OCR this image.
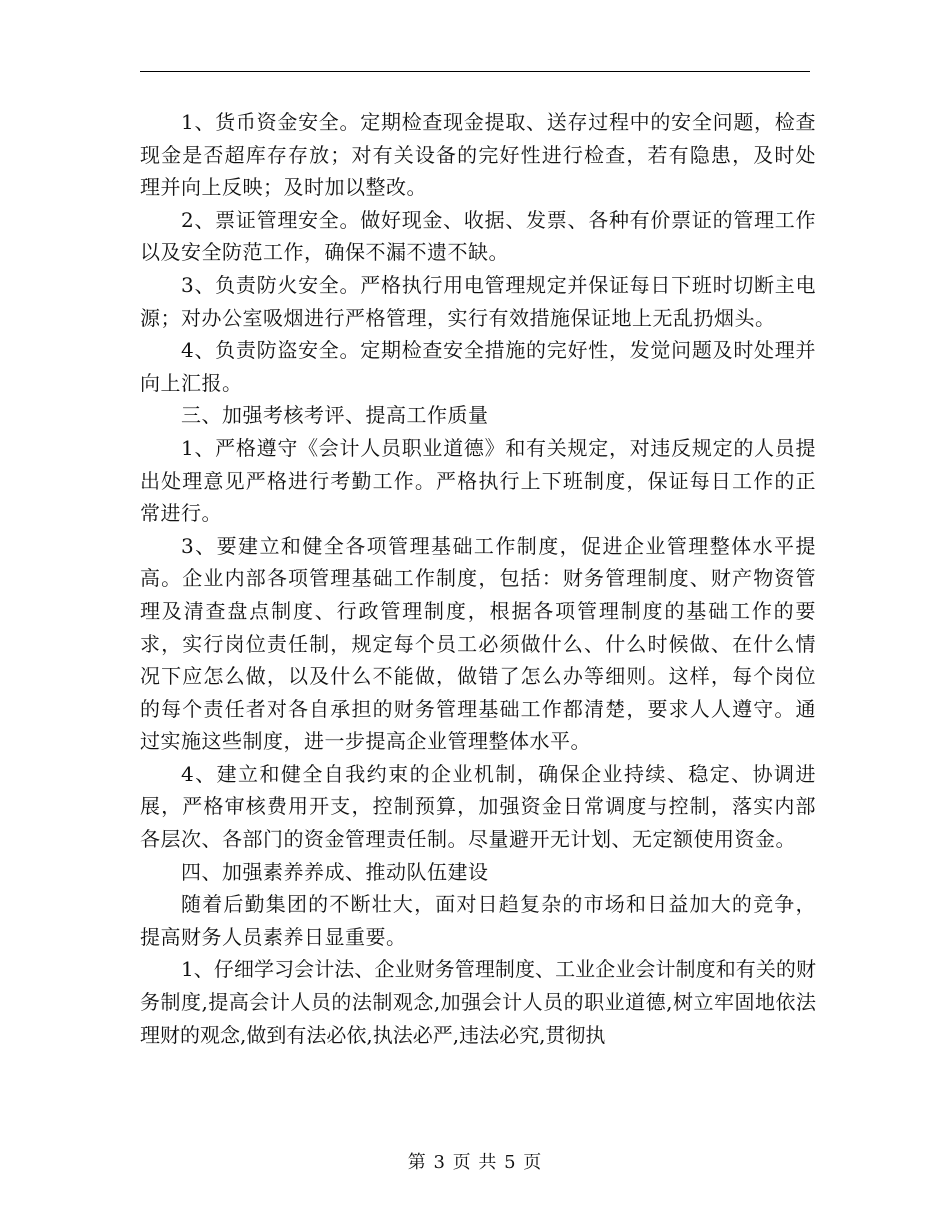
1、货币资金安全。定期检查现金提取、送存过程中的安全问题，检查现金是否超库存存放；对有关设备的完好性进行检查，若有隐患，及时处理并向上反映；及时加以整改。

2、票证管理安全。做好现金、收据、发票、各种有价票证的管理工作以及安全防范工作，确保不漏不遗不缺。

3、负责防火安全。严格执行用电管理规定并保证每日下班时切断主电源；对办公室吸烟进行严格管理，实行有效措施保证地上无乱扔烟头。

4、负责防盗安全。定期检查安全措施的完好性，发觉问题及时处理并向上汇报。

三、加强考核考评、提高工作质量

1、严格遵守《会计人员职业道德》和有关规定，对违反规定的人员提出处理意见严格进行考勤工作。严格执行上下班制度，保证每日工作的正常进行。

3、要建立和健全各项管理基础工作制度，促进企业管理整体水平提高。企业内部各项管理基础工作制度，包括：财务管理制度、财产物资管理及清查盘点制度、行政管理制度，根据各项管理制度的基础工作的要求，实行岗位责任制，规定每个员工必须做什么、什么时候做、在什么情况下应怎么做，以及什么不能做，做错了怎么办等细则。这样，每个岗位的每个责任者对各自承担的财务管理基础工作都清楚，要求人人遵守。通过实施这些制度，进一步提高企业管理整体水平。

4、建立和健全自我约束的企业机制，确保企业持续、稳定、协调进展，严格审核费用开支，控制预算，加强资金日常调度与控制，落实内部各层次、各部门的资金管理责任制。尽量避开无计划、无定额使用资金。

四、加强素养养成、推动队伍建设

随着后勤集团的不断壮大，面对日趋复杂的市场和日益加大的竞争，提高财务人员素养日显重要。

1、仔细学习会计法、企业财务管理制度、工业企业会计制度和有关的财务制度,提高会计人员的法制观念,加强会计人员的职业道德,树立牢固地依法理财的观念,做到有法必依,执法必严,违法必究,贯彻执

第 3 页 共 5 页
